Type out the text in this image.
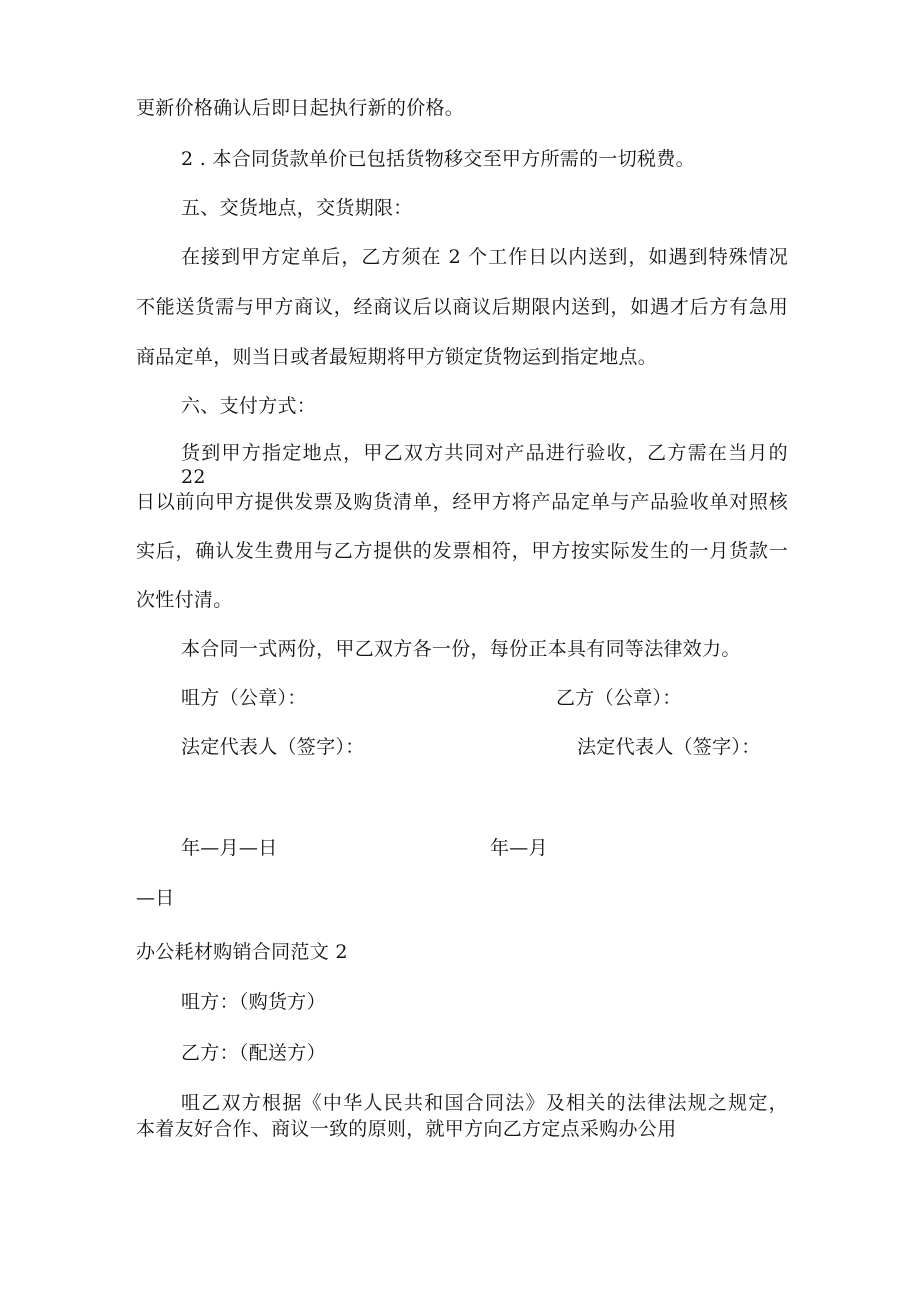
更新价格确认后即日起执行新的价格。
2 . 本合同货款单价已包括货物移交至甲方所需的一切税费。
五、交货地点，交货期限：
在接到甲方定单后，乙方须在 2 个工作日以内送到，如遇到特殊情况
不能送货需与甲方商议，经商议后以商议后期限内送到，如遇才后方有急用
商品定单，则当日或者最短期将甲方锁定货物运到指定地点。
六、支付方式：
货到甲方指定地点，甲乙双方共同对产品进行验收，乙方需在当月的 22
日以前向甲方提供发票及购货清单，经甲方将产品定单与产品验收单对照核
实后，确认发生费用与乙方提供的发票相符，甲方按实际发生的一月货款一
次性付清。
本合同一式两份，甲乙双方各一份，每份正本具有同等法律效力。
咀方（公章）：	乙方（公章）：
法定代表人（签字）：	法定代表人（签字）：
年—月—日	年—月
—日
办公耗材购销合同范文 2
咀方：（购货方）
乙方：（配送方）
咀乙双方根据《中华人民共和国合同法》及相关的法律法规之规定，
本着友好合作、商议一致的原则，就甲方向乙方定点采购办公用
